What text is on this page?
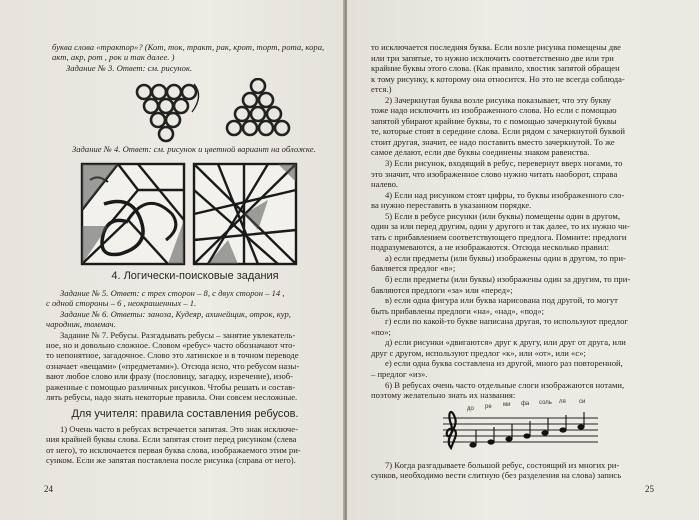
буква слова «трактор»? (Кот, ток, тракт, рак, крот, торт, рота, кора,

акт, акр, рот , рок и так далее. )

Задание № 3. Ответ: см. рисунок.

Задание № 4. Ответ: см. рисунок и цветной вариант на обложке.
4. Логически-поисковые задания

Задание № 5. Ответ: с трех сторон – 8, с двух сторон – 14 ,

с одной стороны – 6 , неокрашенных – 1.

Задание № 6. Ответы: заноза, Кудеяр, ахинейщик, отрок, кур,

чародник, томмач.

Задание № 7. Ребусы. Разгадывать ребусы – занятие увлекатель-

ное, но и довольно сложное. Словом «ребус» часто обозначают что-

то непонятное, загадочное. Слово это латинское и в точном переводе

означает «вещами» («предметами»). Отсюда ясно, что ребусом назы-

вают любое слово или фразу (пословицу, загадку, изречение), изоб-

раженные с помощью различных рисунков. Чтобы решать и состав-

лять ребусы, надо знать некоторые правила. Они совсем несложные.

Для учителя: правила составления ребусов.

1) Очень часто в ребусах встречается запятая. Это знак исключе-

ния крайней буквы слова. Если запятая стоит перед рисунком (слева

от него), то исключается первая буква слова, изображаемого этим ри-

сунком. Если же запятая поставлена после рисунка (справа от него).

24

то исключается последняя буква. Если возле рисунка помещены две

или три запятые, то нужно исключить соответственно две или три

крайние буквы этого слова. (Как правило, хвостик запятой обращен

к тому рисунку, к которому она относится. Но это не всегда соблюда-

ется.)

2) Зачеркнутая буква возле рисунка показывает, что эту букву

тоже надо исключить из изображенного слова. Но если с помощью

запятой убирают крайние буквы, то с помощью зачеркнутой буквы

те, которые стоят в середине слова. Если рядом с зачеркнутой буквой

стоит другая, значит, ее надо поставить вместо зачеркнутой. То же

самое делают, если две буквы соединены знаком равенства.

3) Если рисунок, входящий в ребус, перевернут вверх ногами, то

это значит, что изображенное слово нужно читать наоборот, справа

налево.

4) Если над рисунком стоят цифры, то буквы изображенного сло-

ва нужно переставить в указанном порядке.

5) Если в ребусе рисунки (или буквы) помещены один в другом,

один за или перед другим, один у другого и так далее, то их нужно чи-

тать с прибавлением соответствующего предлога. Помните: предлоги

подразумеваются, а не изображаются. Отсюда несколько правил:

а) если предметы (или буквы) изображены один в другом, то при-

бавляется предлог «в»;

б) если предметы (или буквы) изображены один за другим, то при-

бавляются предлоги «за» или «перед»;

в) если одна фигура или буква нарисована под другой, то могут

быть прибавлены предлоги «на», «над», «под»;

г) если по какой-то букве написана другая, то используют предлог

«по»;

д) если рисунки «двигаются» друг к другу, или друг от друга, или

друг с другом, используют предлог «к», или «от», или «с»;

е) если одна буква составлена из другой, много раз повторенной,

– предлог «из».

6) В ребусах очень часто отдельные слоги изображаются нотами,

поэтому желательно знать их названия:

до ре ми фа соль ля си

7) Когда разгадываете большой ребус, состоящий из многих ри-

сунков, необходимо вести слитную (без разделения на слова) запись

25
